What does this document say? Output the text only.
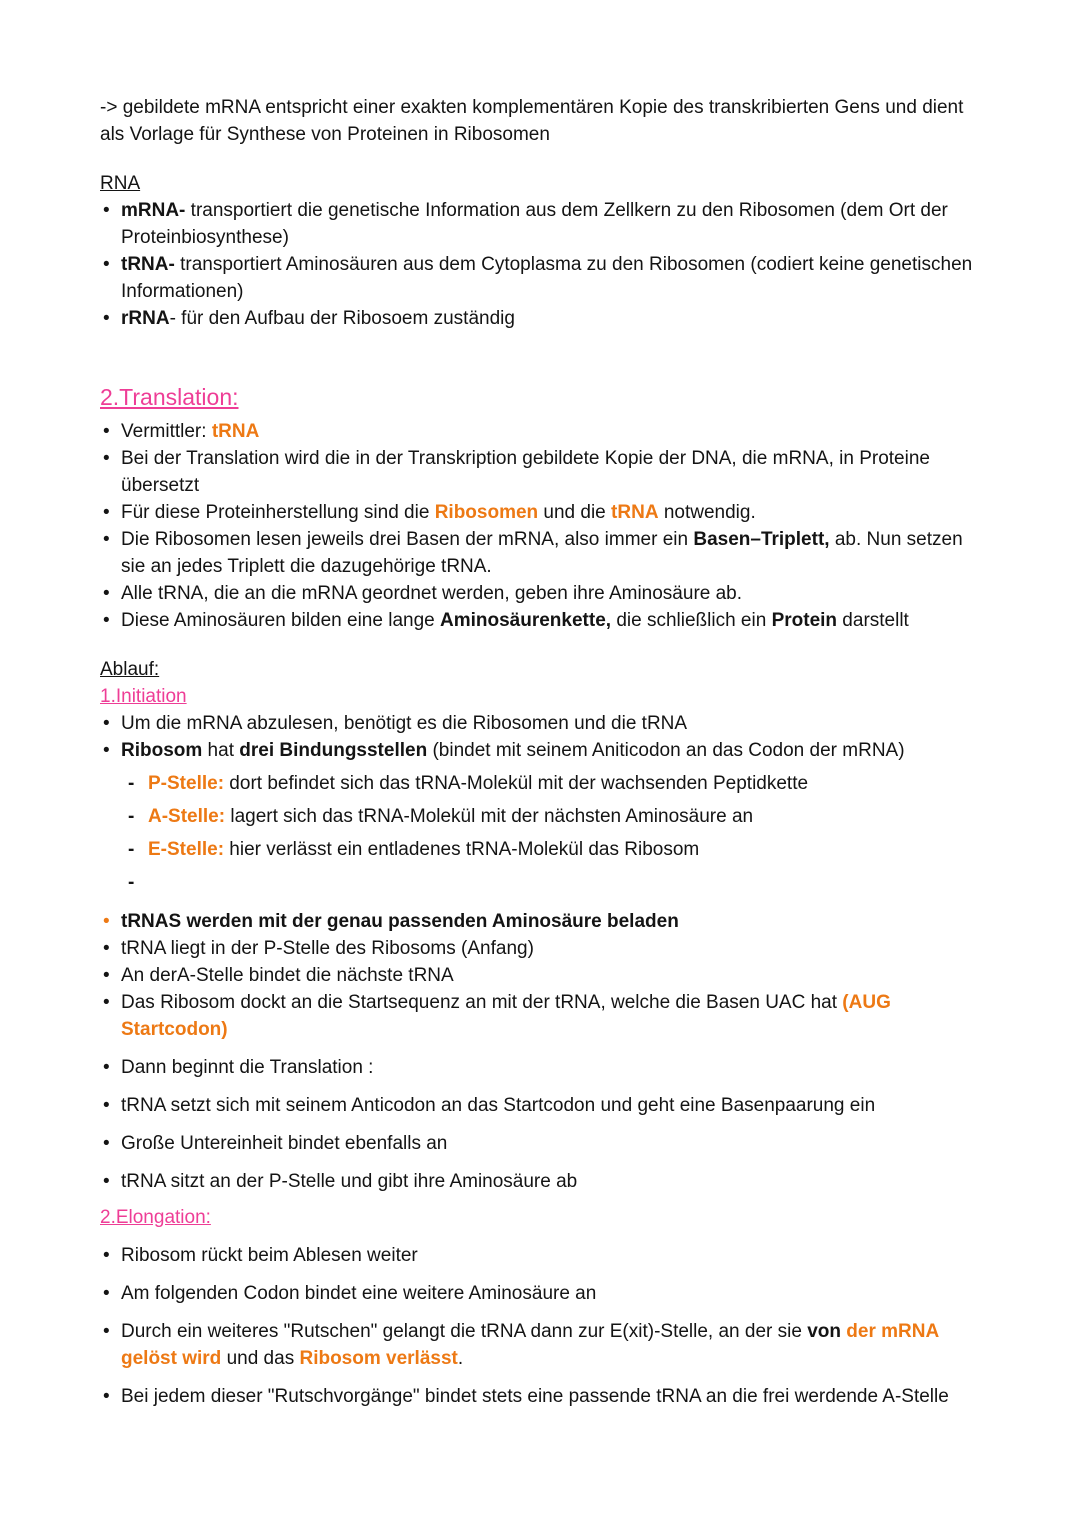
-> gebildete mRNA entspricht einer exakten komplementären Kopie des transkribierten Gens und dient als Vorlage für Synthese von Proteinen in Ribosomen
RNA
• mRNA- transportiert die genetische Information aus dem Zellkern zu den Ribosomen (dem Ort der Proteinbiosynthese)
• tRNA- transportiert Aminosäuren aus dem Cytoplasma zu den Ribosomen (codiert keine genetischen Informationen)
• rRNA- für den Aufbau der Ribosoem zuständig
2.Translation:
• Vermittler: tRNA
• Bei der Translation wird die in der Transkription gebildete Kopie der DNA, die mRNA, in Proteine übersetzt
• Für diese Proteinherstellung sind die Ribosomen und die tRNA notwendig.
• Die Ribosomen lesen jeweils drei Basen der mRNA, also immer ein Basen–Triplett, ab. Nun setzen sie an jedes Triplett die dazugehörige tRNA.
• Alle tRNA, die an die mRNA geordnet werden, geben ihre Aminosäure ab.
• Diese Aminosäuren bilden eine lange Aminosäurenkette, die schließlich ein Protein darstellt
Ablauf:
1.Initiation
• Um die mRNA abzulesen, benötigt es die Ribosomen und die tRNA
• Ribosom hat drei Bindungsstellen (bindet mit seinem Aniticodon an das Codon der mRNA)
- P-Stelle: dort befindet sich das tRNA-Molekül mit der wachsenden Peptidkette
- A-Stelle: lagert sich das tRNA-Molekül mit der nächsten Aminosäure an
- E-Stelle: hier verlässt ein entladenes tRNA-Molekül das Ribosom
-
• tRNAS werden mit der genau passenden Aminosäure beladen
• tRNA liegt in der P-Stelle des Ribosoms (Anfang)
• An derA-Stelle bindet die nächste tRNA
• Das Ribosom dockt an die Startsequenz an mit der tRNA, welche die Basen UAC hat (AUG Startcodon)
• Dann beginnt die Translation :
• tRNA setzt sich mit seinem Anticodon an das Startcodon und geht eine Basenpaarung ein
• Große Untereinheit bindet ebenfalls an
• tRNA sitzt an der P-Stelle und gibt ihre Aminosäure ab
2.Elongation:
• Ribosom rückt beim Ablesen weiter
• Am folgenden Codon bindet eine weitere Aminosäure an
• Durch ein weiteres "Rutschen" gelangt die tRNA dann zur E(xit)-Stelle, an der sie von der mRNA gelöst wird und das Ribosom verlässt.
• Bei jedem dieser "Rutschvorgänge" bindet stets eine passende tRNA an die frei werdende A-Stelle
